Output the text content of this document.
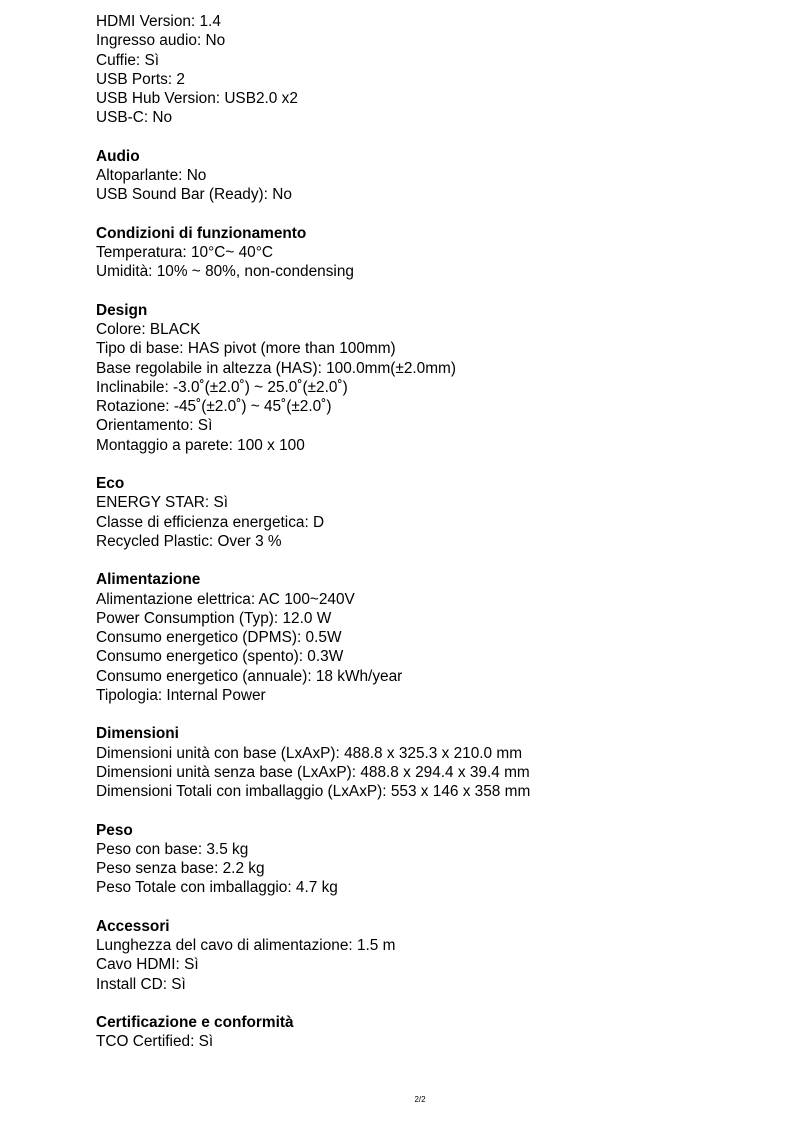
HDMI Version: 1.4
Ingresso audio: No
Cuffie: Sì
USB Ports: 2
USB Hub Version: USB2.0 x2
USB-C: No
Audio
Altoparlante: No
USB Sound Bar (Ready): No
Condizioni di funzionamento
Temperatura: 10°C~ 40°C
Umidità: 10% ~ 80%, non-condensing
Design
Colore: BLACK
Tipo di base: HAS pivot (more than 100mm)
Base regolabile in altezza (HAS): 100.0mm(±2.0mm)
Inclinabile: -3.0˚(±2.0˚) ~ 25.0˚(±2.0˚)
Rotazione: -45˚(±2.0˚) ~ 45˚(±2.0˚)
Orientamento: Sì
Montaggio a parete: 100 x 100
Eco
ENERGY STAR: Sì
Classe di efficienza energetica: D
Recycled Plastic: Over 3 %
Alimentazione
Alimentazione elettrica: AC 100~240V
Power Consumption (Typ): 12.0 W
Consumo energetico (DPMS): 0.5W
Consumo energetico (spento): 0.3W
Consumo energetico (annuale): 18 kWh/year
Tipologia: Internal Power
Dimensioni
Dimensioni unità con base (LxAxP): 488.8 x 325.3 x 210.0 mm
Dimensioni unità senza base (LxAxP): 488.8 x 294.4 x 39.4 mm
Dimensioni Totali con imballaggio (LxAxP): 553 x 146 x 358 mm
Peso
Peso con base: 3.5 kg
Peso senza base: 2.2 kg
Peso Totale con imballaggio: 4.7 kg
Accessori
Lunghezza del cavo di alimentazione: 1.5 m
Cavo HDMI: Sì
Install CD: Sì
Certificazione e conformità
TCO Certified: Sì
2/2
